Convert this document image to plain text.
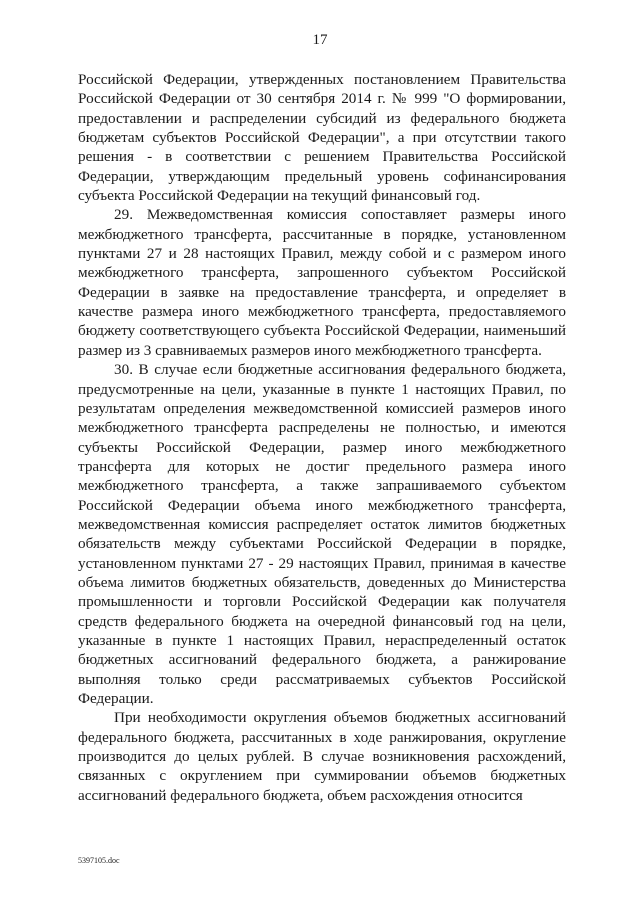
17

Российской Федерации, утвержденных постановлением Правительства Российской Федерации от 30 сентября 2014 г. № 999 "О формировании, предоставлении и распределении субсидий из федерального бюджета бюджетам субъектов Российской Федерации", а при отсутствии такого решения - в соответствии с решением Правительства Российской Федерации, утверждающим предельный уровень софинансирования субъекта Российской Федерации на текущий финансовый год.

29. Межведомственная комиссия сопоставляет размеры иного межбюджетного трансферта, рассчитанные в порядке, установленном пунктами 27 и 28 настоящих Правил, между собой и с размером иного межбюджетного трансферта, запрошенного субъектом Российской Федерации в заявке на предоставление трансферта, и определяет в качестве размера иного межбюджетного трансферта, предоставляемого бюджету соответствующего субъекта Российской Федерации, наименьший размер из 3 сравниваемых размеров иного межбюджетного трансферта.

30. В случае если бюджетные ассигнования федерального бюджета, предусмотренные на цели, указанные в пункте 1 настоящих Правил, по результатам определения межведомственной комиссией размеров иного межбюджетного трансферта распределены не полностью, и имеются субъекты Российской Федерации, размер иного межбюджетного трансферта для которых не достиг предельного размера иного межбюджетного трансферта, а также запрашиваемого субъектом Российской Федерации объема иного межбюджетного трансферта, межведомственная комиссия распределяет остаток лимитов бюджетных обязательств между субъектами Российской Федерации в порядке, установленном пунктами 27 - 29 настоящих Правил, принимая в качестве объема лимитов бюджетных обязательств, доведенных до Министерства промышленности и торговли Российской Федерации как получателя средств федерального бюджета на очередной финансовый год на цели, указанные в пункте 1 настоящих Правил, нераспределенный остаток бюджетных ассигнований федерального бюджета, а ранжирование выполняя только среди рассматриваемых субъектов Российской Федерации.

При необходимости округления объемов бюджетных ассигнований федерального бюджета, рассчитанных в ходе ранжирования, округление производится до целых рублей. В случае возникновения расхождений, связанных с округлением при суммировании объемов бюджетных ассигнований федерального бюджета, объем расхождения относится

5397105.doc
